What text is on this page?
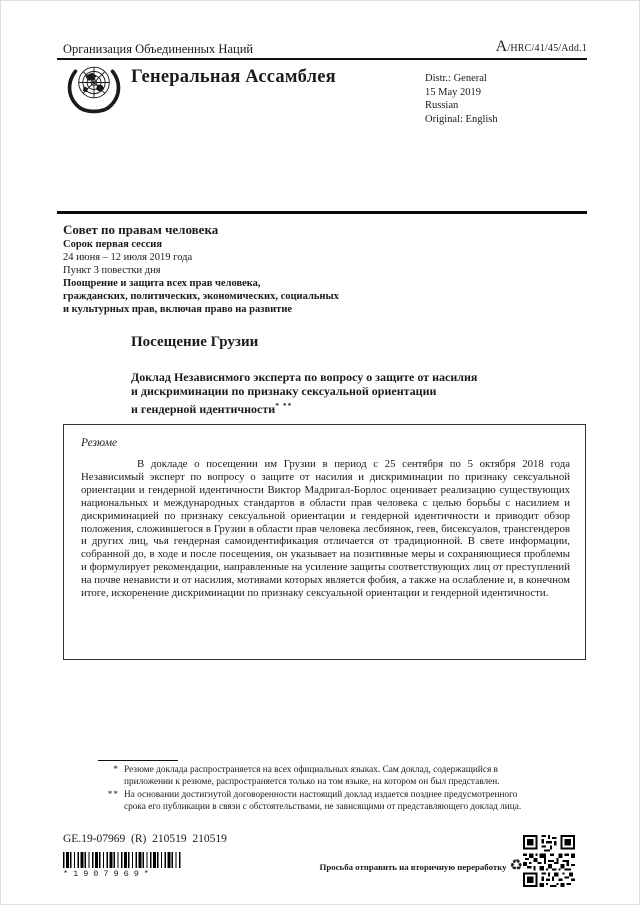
Организация Объединенных Наций	A/HRC/41/45/Add.1
Генеральная Ассамблея	Distr.: General
15 May 2019
Russian
Original: English
Совет по правам человека
Сорок первая сессия
24 июня – 12 июля 2019 года
Пункт 3 повестки дня
Поощрение и защита всех прав человека,
гражданских, политических, экономических, социальных
и культурных прав, включая право на развитие
Посещение Грузии
Доклад Независимого эксперта по вопросу о защите от насилия
и дискриминации по признаку сексуальной ориентации
и гендерной идентичности* **
Резюме

В докладе о посещении им Грузии в период с 25 сентября по 5 октября 2018 года Независимый эксперт по вопросу о защите от насилия и дискриминации по признаку сексуальной ориентации и гендерной идентичности Виктор Мадригал-Борлос оценивает реализацию существующих национальных и международных стандартов в области прав человека с целью борьбы с насилием и дискриминацией по признаку сексуальной ориентации и гендерной идентичности и приводит обзор положения, сложившегося в Грузии в области прав человека лесбиянок, геев, бисексуалов, трансгендеров и других лиц, чья гендерная самоидентификация отличается от традиционной. В свете информации, собранной до, в ходе и после посещения, он указывает на позитивные меры и сохраняющиеся проблемы и формулирует рекомендации, направленные на усиление защиты соответствующих лиц от преступлений на почве ненависти и от насилия, мотивами которых является фобия, а также на ослабление и, в конечном итоге, искоренение дискриминации по признаку сексуальной ориентации и гендерной идентичности.

* Резюме доклада распространяется на всех официальных языках. Сам доклад, содержащийся в приложении к резюме, распространяется только на том языке, на котором он был представлен.
** На основании достигнутой договоренности настоящий доклад издается позднее предусмотренного срока его публикации в связи с обстоятельствами, не зависящими от представляющего доклад лица.
GE.19-07969  (R)  210519  210519
*1907969*
Просьба отправить на вторичную переработку ♻
